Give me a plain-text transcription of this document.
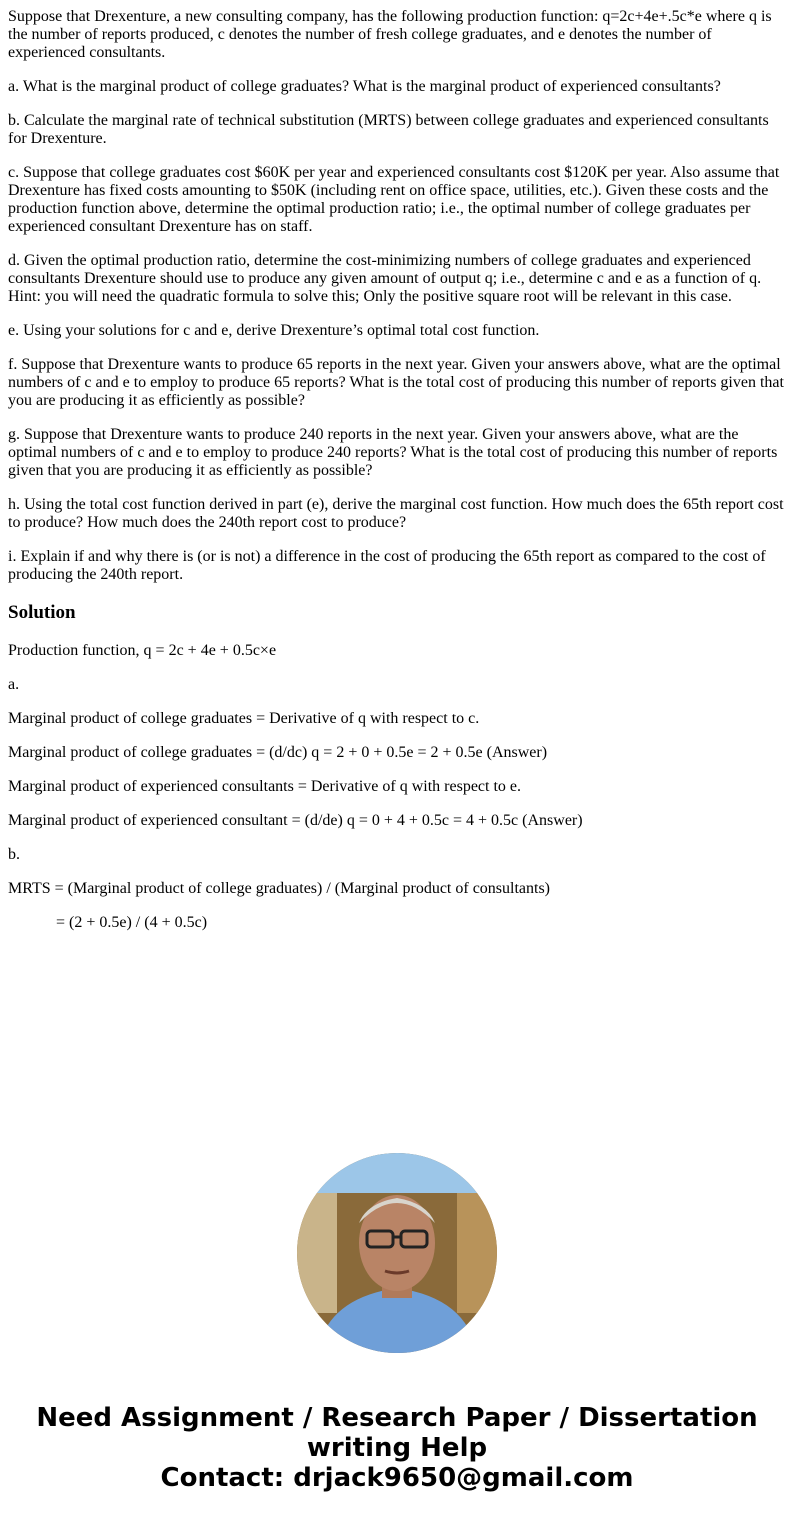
Suppose that Drexenture, a new consulting company, has the following production function: q=2c+4e+.5c*e where q is the number of reports produced, c denotes the number of fresh college graduates, and e denotes the number of experienced consultants.

a. What is the marginal product of college graduates? What is the marginal product of experienced consultants?

b. Calculate the marginal rate of technical substitution (MRTS) between college graduates and experienced consultants for Drexenture.

c. Suppose that college graduates cost $60K per year and experienced consultants cost $120K per year. Also assume that Drexenture has fixed costs amounting to $50K (including rent on office space, utilities, etc.). Given these costs and the production function above, determine the optimal production ratio; i.e., the optimal number of college graduates per experienced consultant Drexenture has on staff.

d. Given the optimal production ratio, determine the cost-minimizing numbers of college graduates and experienced consultants Drexenture should use to produce any given amount of output q; i.e., determine c and e as a function of q. Hint: you will need the quadratic formula to solve this; Only the positive square root will be relevant in this case.

e. Using your solutions for c and e, derive Drexenture’s optimal total cost function.

f. Suppose that Drexenture wants to produce 65 reports in the next year. Given your answers above, what are the optimal numbers of c and e to employ to produce 65 reports? What is the total cost of producing this number of reports given that you are producing it as efficiently as possible?

g. Suppose that Drexenture wants to produce 240 reports in the next year. Given your answers above, what are the optimal numbers of c and e to employ to produce 240 reports? What is the total cost of producing this number of reports given that you are producing it as efficiently as possible?

h. Using the total cost function derived in part (e), derive the marginal cost function. How much does the 65th report cost to produce? How much does the 240th report cost to produce?

i. Explain if and why there is (or is not) a difference in the cost of producing the 65th report as compared to the cost of producing the 240th report.

Solution

Production function, q = 2c + 4e + 0.5c×e

a.

Marginal product of college graduates = Derivative of q with respect to c.

Marginal product of college graduates = (d/dc) q = 2 + 0 + 0.5e = 2 + 0.5e (Answer)

Marginal product of experienced consultants = Derivative of q with respect to e.

Marginal product of experienced consultant = (d/de) q = 0 + 4 + 0.5c = 4 + 0.5c (Answer)

b.

MRTS = (Marginal product of college graduates) / (Marginal product of consultants)

= (2 + 0.5e) / (4 + 0.5c)

Need Assignment / Research Paper / Dissertation writing Help
Contact: drjack9650@gmail.com
